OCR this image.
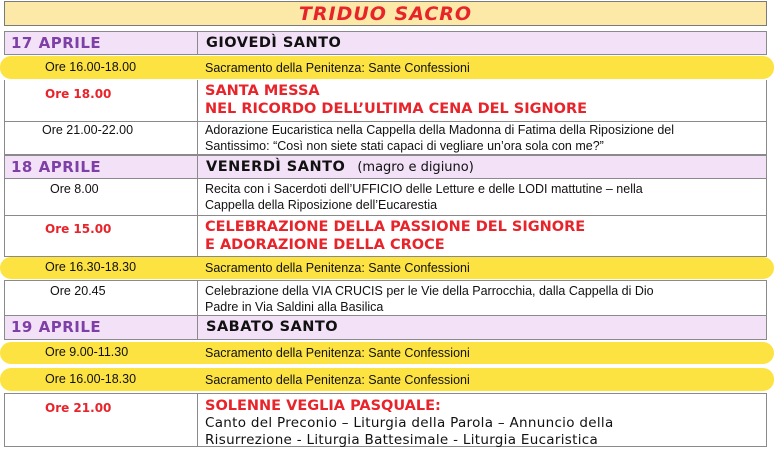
TRIDUO SACRO
17 APRILE	GIOVEDÌ SANTO
Ore 16.00-18.00	Sacramento della Penitenza: Sante Confessioni
Ore 18.00	SANTA MESSA
NEL RICORDO DELL’ULTIMA CENA DEL SIGNORE
Ore 21.00-22.00	Adorazione Eucaristica nella Cappella della Madonna di Fatima della Riposizione del
Santissimo: “Così non siete stati capaci di vegliare un’ora sola con me?”
18 APRILE	VENERDÌ SANTO (magro e digiuno)
Ore 8.00	Recita con i Sacerdoti dell’UFFICIO delle Letture e delle LODI mattutine – nella
Cappella della Riposizione dell’Eucarestia
Ore 15.00	CELEBRAZIONE DELLA PASSIONE DEL SIGNORE
E ADORAZIONE DELLA CROCE
Ore 16.30-18.30	Sacramento della Penitenza: Sante Confessioni
Ore 20.45	Celebrazione della VIA CRUCIS per le Vie della Parrocchia, dalla Cappella di Dio
Padre in Via Saldini alla Basilica
19 APRILE	SABATO SANTO
Ore 9.00-11.30	Sacramento della Penitenza: Sante Confessioni
Ore 16.00-18.30	Sacramento della Penitenza: Sante Confessioni
Ore 21.00	SOLENNE VEGLIA PASQUALE:
Canto del Preconio – Liturgia della Parola – Annuncio della
Risurrezione - Liturgia Battesimale - Liturgia Eucaristica
